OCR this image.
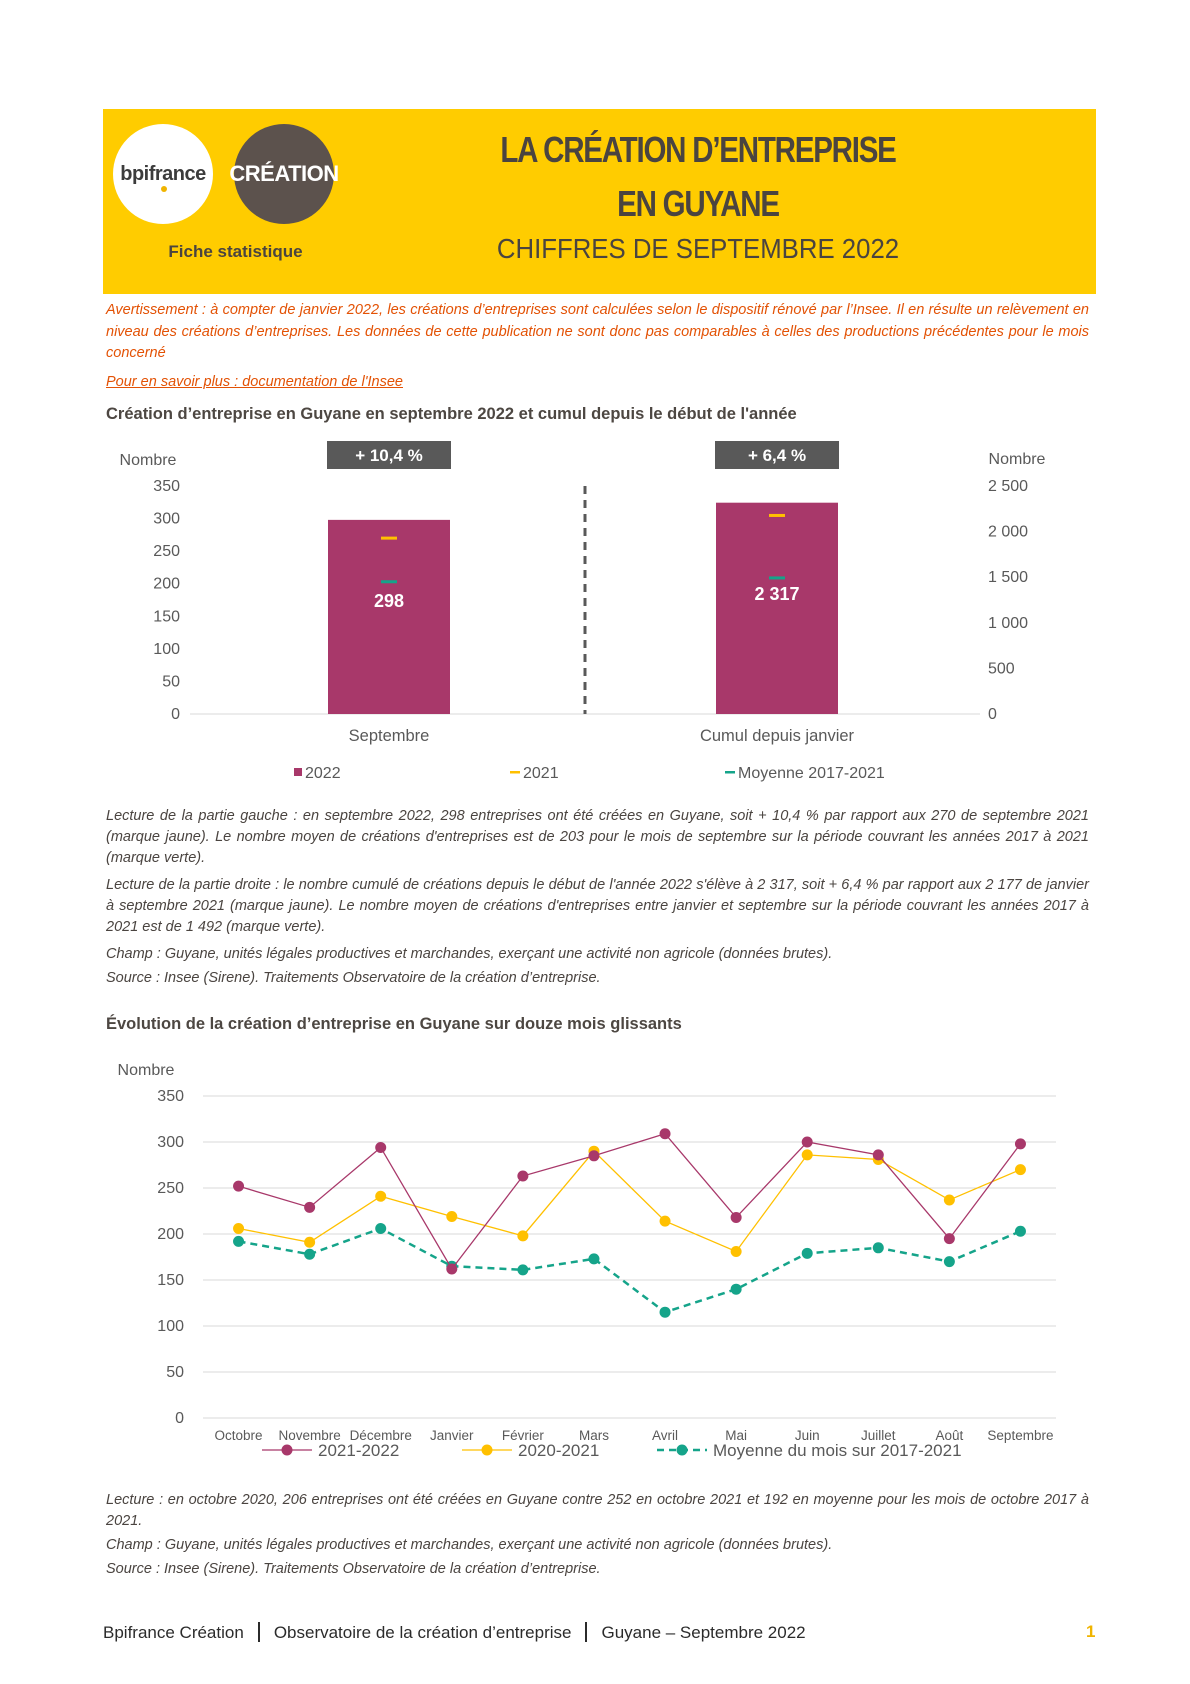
bpifrance CRÉATION
Fiche statistique
LA CRÉATION D’ENTREPRISE
EN GUYANE
CHIFFRES DE SEPTEMBRE 2022
Avertissement : à compter de janvier 2022, les créations d’entreprises sont calculées selon le dispositif rénové par l’Insee. Il en résulte un relèvement en niveau des créations d’entreprises. Les données de cette publication ne sont donc pas comparables à celles des productions précédentes pour le mois concerné
Pour en savoir plus : documentation de l'Insee
Création d’entreprise en Guyane en septembre 2022 et cumul depuis le début de l'année
Nombre	Nombre
0
50
100
150
200
250
300
350
0
500
1 000
1 500
2 000
2 500
298	2 317
+ 10,4 %	+ 6,4 %
Septembre	Cumul depuis janvier
2022	2021	Moyenne 2017-2021
Lecture de la partie gauche : en septembre 2022, 298 entreprises ont été créées en Guyane, soit + 10,4 % par rapport aux 270 de septembre 2021 (marque jaune). Le nombre moyen de créations d'entreprises est de 203 pour le mois de septembre sur la période couvrant les années 2017 à 2021 (marque verte).
Lecture de la partie droite : le nombre cumulé de créations depuis le début de l'année 2022 s'élève à 2 317, soit + 6,4 % par rapport aux 2 177 de janvier à septembre 2021 (marque jaune). Le nombre moyen de créations d'entreprises entre janvier et septembre sur la période couvrant les années 2017 à 2021 est de 1 492 (marque verte).
Champ : Guyane, unités légales productives et marchandes, exerçant une activité non agricole (données brutes).
Source : Insee (Sirene). Traitements Observatoire de la création d’entreprise.
Évolution de la création d’entreprise en Guyane sur douze mois glissants
Nombre
0
50
100
150
200
250
300
350
Octobre Novembre Décembre Janvier Février	Mars	Avril	Mai	Juin	Juillet	Août Septembre
2021-2022	2020-2021	Moyenne du mois sur 2017-2021
Lecture : en octobre 2020, 206 entreprises ont été créées en Guyane contre 252 en octobre 2021 et 192 en moyenne pour les mois de octobre 2017 à 2021.
Champ : Guyane, unités légales productives et marchandes, exerçant une activité non agricole (données brutes).
Source : Insee (Sirene). Traitements Observatoire de la création d’entreprise.
Bpifrance Création Observatoire de la création d’entreprise Guyane – Septembre 2022	1
